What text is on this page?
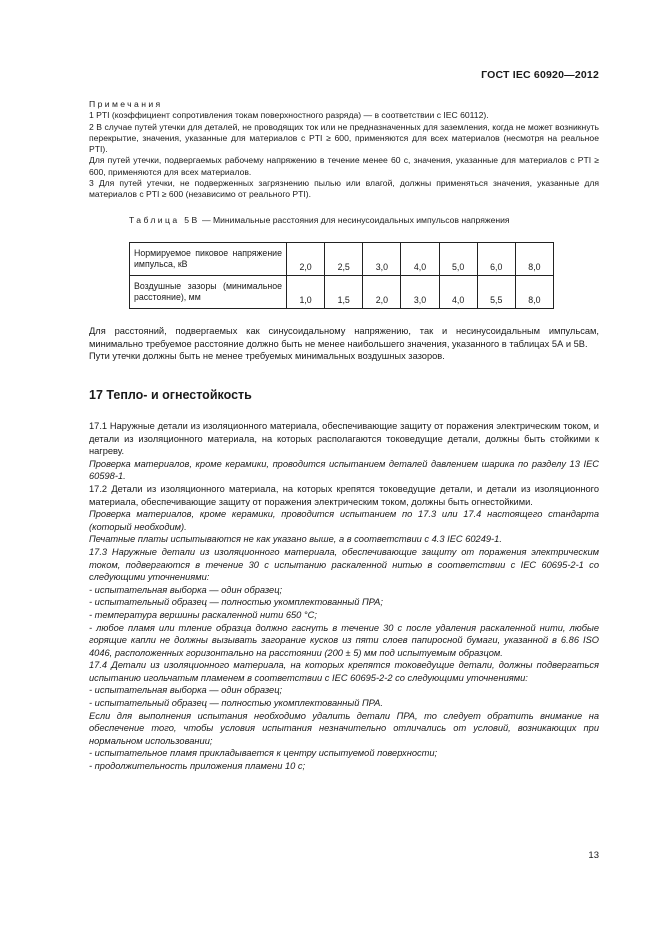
ГОСТ IEC 60920—2012

Примечания

1 PTI (коэффициент сопротивления токам поверхностного разряда) — в соответствии с IEC 60112).

2 В случае путей утечки для деталей, не проводящих ток или не предназначенных для заземления, когда не может возникнуть перекрытие, значения, указанные для материалов с PTI ≥ 600, применяются для всех материалов (несмотря на реальное PTI).

Для путей утечки, подвергаемых рабочему напряжению в течение менее 60 с, значения, указанные для материалов с PTI ≥ 600, применяются для всех материалов.

3 Для путей утечки, не подверженных загрязнению пылью или влагой, должны применяться значения, указанные для материалов с PTI ≥ 600 (независимо от реального PTI).

Таблица 5В — Минимальные расстояния для несинусоидальных импульсов напряжения
Нормируемое пиковое напряжение импульса, кВ	2,0	2,5	3,0	4,0	5,0	6,0	8,0
Воздушные зазоры (минимальное расстояние), мм	1,0	1,5	2,0	3,0	4,0	5,5	8,0

Для расстояний, подвергаемых как синусоидальному напряжению, так и несинусоидальным импульсам, минимально требуемое расстояние должно быть не менее наибольшего значения, указанного в таблицах 5А и 5В.

Пути утечки должны быть не менее требуемых минимальных воздушных зазоров.

17 Тепло- и огнестойкость

17.1 Наружные детали из изоляционного материала, обеспечивающие защиту от поражения электрическим током, и детали из изоляционного материала, на которых располагаются токоведущие детали, должны быть стойкими к нагреву.

Проверка материалов, кроме керамики, проводится испытанием деталей давлением шарика по разделу 13 IEC 60598-1.

17.2 Детали из изоляционного материала, на которых крепятся токоведущие детали, и детали из изоляционного материала, обеспечивающие защиту от поражения электрическим током, должны быть огнестойкими.

Проверка материалов, кроме керамики, проводится испытанием по 17.3 или 17.4 настоящего стандарта (который необходим).

Печатные платы испытываются не как указано выше, а в соответствии с 4.3 IEC 60249-1.

17.3 Наружные детали из изоляционного материала, обеспечивающие защиту от поражения электрическим током, подвергаются в течение 30 с испытанию раскаленной нитью в соответствии с IEC 60695-2-1 со следующими уточнениями:

- испытательная выборка — один образец;

- испытательный образец — полностью укомплектованный ПРА;

- температура вершины раскаленной нити 650 °С;

- любое пламя или тление образца должно гаснуть в течение 30 с после удаления раскаленной нити, любые горящие капли не должны вызывать загорание кусков из пяти слоев папиросной бумаги, указанной в 6.86 ISO 4046, расположенных горизонтально на расстоянии (200 ± 5) мм под испытуемым образцом.

17.4 Детали из изоляционного материала, на которых крепятся токоведущие детали, должны подвергаться испытанию игольчатым пламенем в соответствии с IEC 60695-2-2 со следующими уточнениями:

- испытательная выборка — один образец;

- испытательный образец — полностью укомплектованный ПРА.

Если для выполнения испытания необходимо удалить детали ПРА, то следует обратить внимание на обеспечение того, чтобы условия испытания незначительно отличались от условий, возникающих при нормальном использовании;

- испытательное пламя прикладывается к центру испытуемой поверхности;

- продолжительность приложения пламени 10 с;

13
